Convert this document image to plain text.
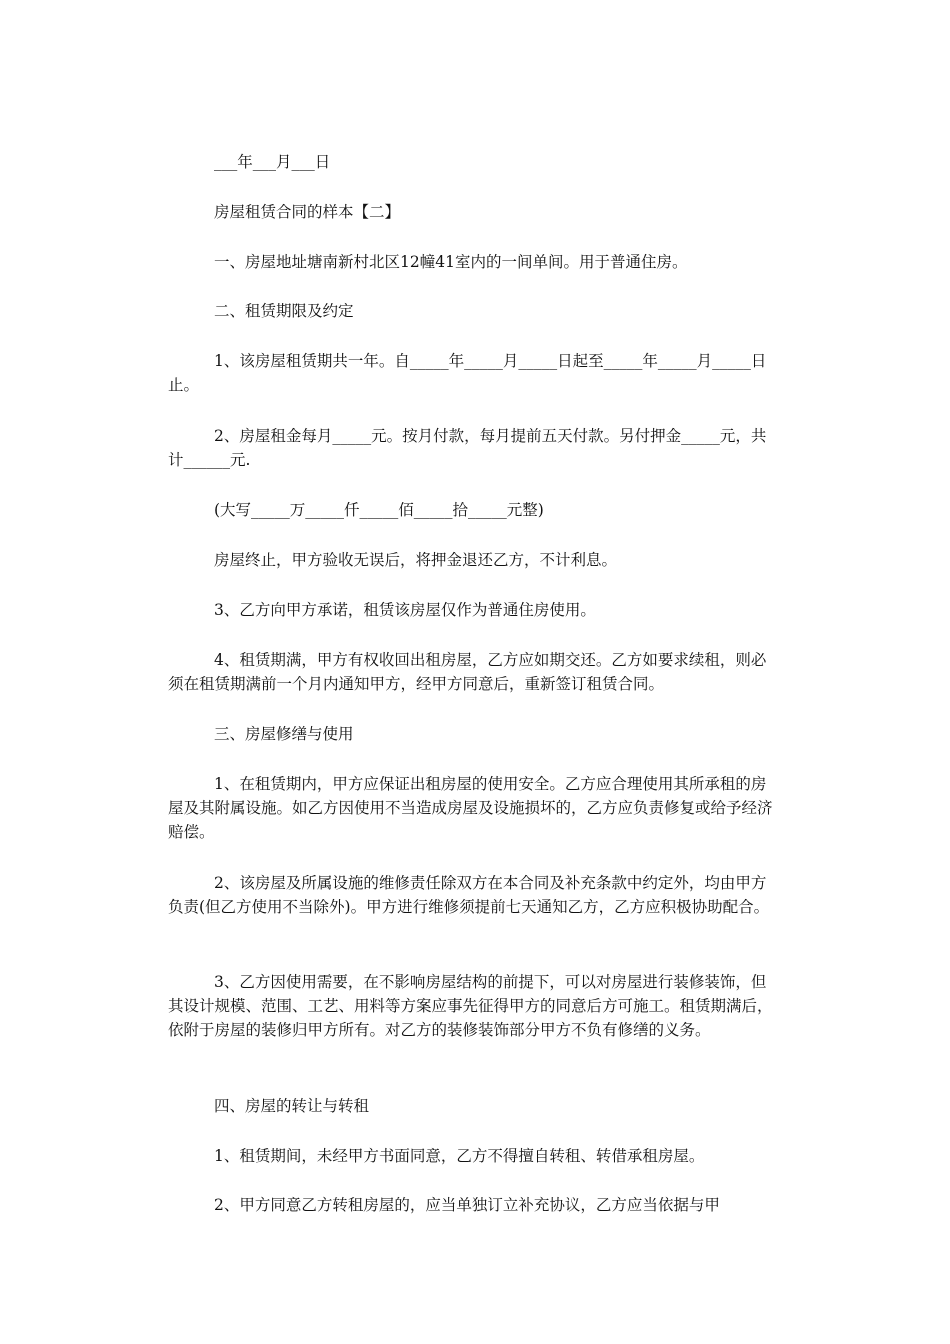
___年___月___日
房屋租赁合同的样本【二】
一、房屋地址塘南新村北区12幢41室内的一间单间。用于普通住房。
二、租赁期限及约定
1、该房屋租赁期共一年。自_____年_____月_____日起至_____年_____月_____日止。
2、房屋租金每月_____元。按月付款，每月提前五天付款。另付押金_____元，共计______元.
(大写_____万_____仟_____佰_____拾_____元整)
房屋终止，甲方验收无误后，将押金退还乙方，不计利息。
3、乙方向甲方承诺，租赁该房屋仅作为普通住房使用。
4、租赁期满，甲方有权收回出租房屋，乙方应如期交还。乙方如要求续租，则必须在租赁期满前一个月内通知甲方，经甲方同意后，重新签订租赁合同。
三、房屋修缮与使用
1、在租赁期内，甲方应保证出租房屋的使用安全。乙方应合理使用其所承租的房屋及其附属设施。如乙方因使用不当造成房屋及设施损坏的，乙方应负责修复或给予经济赔偿。
2、该房屋及所属设施的维修责任除双方在本合同及补充条款中约定外，均由甲方负责(但乙方使用不当除外)。甲方进行维修须提前七天通知乙方，乙方应积极协助配合。
3、乙方因使用需要，在不影响房屋结构的前提下，可以对房屋进行装修装饰，但其设计规模、范围、工艺、用料等方案应事先征得甲方的同意后方可施工。租赁期满后，依附于房屋的装修归甲方所有。对乙方的装修装饰部分甲方不负有修缮的义务。
四、房屋的转让与转租
1、租赁期间，未经甲方书面同意，乙方不得擅自转租、转借承租房屋。
2、甲方同意乙方转租房屋的，应当单独订立补充协议，乙方应当依据与甲
